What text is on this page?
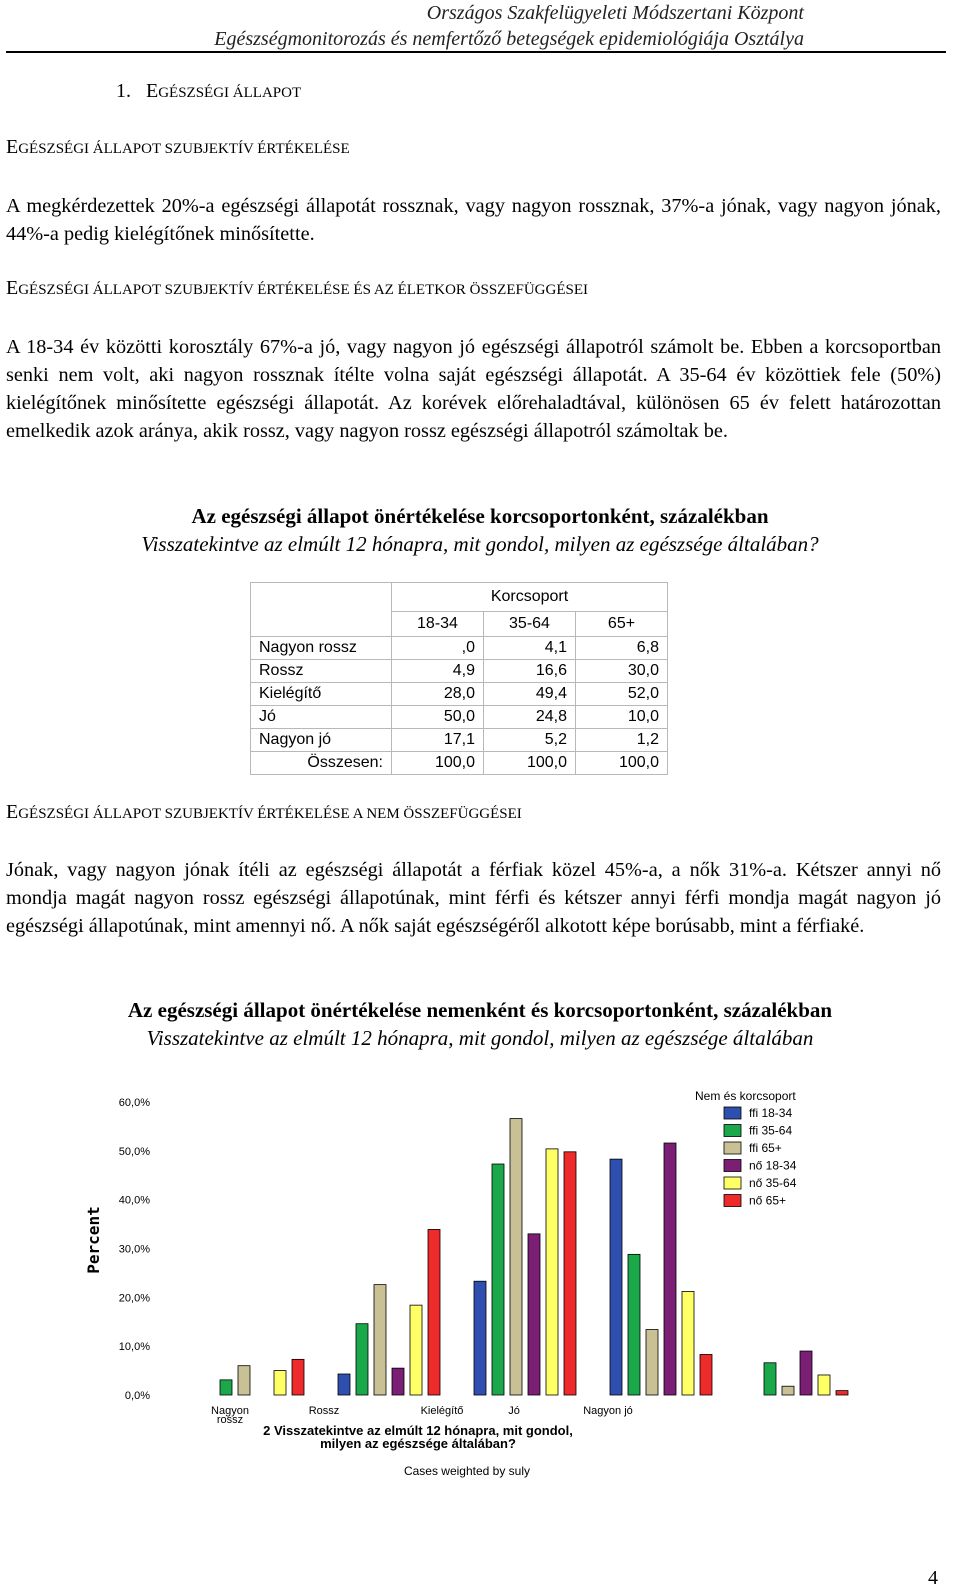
Országos Szakfelügyeleti Módszertani Központ
Egészségmonitorozás és nemfertőző betegségek epidemiológiája Osztálya
1. EGÉSZSÉGI ÁLLAPOT
EGÉSZSÉGI ÁLLAPOT SZUBJEKTÍV ÉRTÉKELÉSE
A megkérdezettek 20%-a egészségi állapotát rossznak, vagy nagyon rossznak, 37%-a jónak, vagy nagyon jónak, 44%-a pedig kielégítőnek minősítette.
EGÉSZSÉGI ÁLLAPOT SZUBJEKTÍV ÉRTÉKELÉSE ÉS AZ ÉLETKOR ÖSSZEFÜGGÉSEI
A 18-34 év közötti korosztály 67%-a jó, vagy nagyon jó egészségi állapotról számolt be. Ebben a korcsoportban senki nem volt, aki nagyon rossznak ítélte volna saját egészségi állapotát. A 35-64 év közöttiek fele (50%) kielégítőnek minősítette egészségi állapotát. Az korévek előrehaladtával, különösen 65 év felett határozottan emelkedik azok aránya, akik rossz, vagy nagyon rossz egészségi állapotról számoltak be.
Az egészségi állapot önértékelése korcsoportonként, százalékban
Visszatekintve az elmúlt 12 hónapra, mit gondol, milyen az egészsége általában?
	Korcsoport		
	18-34	35-64	65+
Nagyon rossz	,0	4,1	6,8
Rossz	4,9	16,6	30,0
Kielégítő	28,0	49,4	52,0
Jó	50,0	24,8	10,0
Nagyon jó	17,1	5,2	1,2
Összesen:	100,0	100,0	100,0
EGÉSZSÉGI ÁLLAPOT SZUBJEKTÍV ÉRTÉKELÉSE A NEM ÖSSZEFÜGGÉSEI
Jónak, vagy nagyon jónak ítéli az egészségi állapotát a férfiak közel 45%-a, a nők 31%-a. Kétszer annyi nő mondja magát nagyon rossz egészségi állapotúnak, mint férfi és kétszer annyi férfi mondja magát nagyon jó egészségi állapotúnak, mint amennyi nő. A nők saját egészségéről alkotott képe borúsabb, mint a férfiaké.
Az egészségi állapot önértékelése nemenként és korcsoportonként, százalékban
Visszatekintve az elmúlt 12 hónapra, mit gondol, milyen az egészsége általában
0,0%
10,0%
20,0%
30,0%
40,0%
50,0%
60,0%
Percent
Nagyon
rossz
Rossz	Kielégítő	Jó	Nagyon jó
2 Visszatekintve az elmúlt 12 hónapra, mit gondol,
milyen az egészsége általában?
Cases weighted by suly
Nem és korcsoport
ffi 18-34
ffi 35-64
ffi 65+
nő 18-34
nő 35-64
nő 65+
4
